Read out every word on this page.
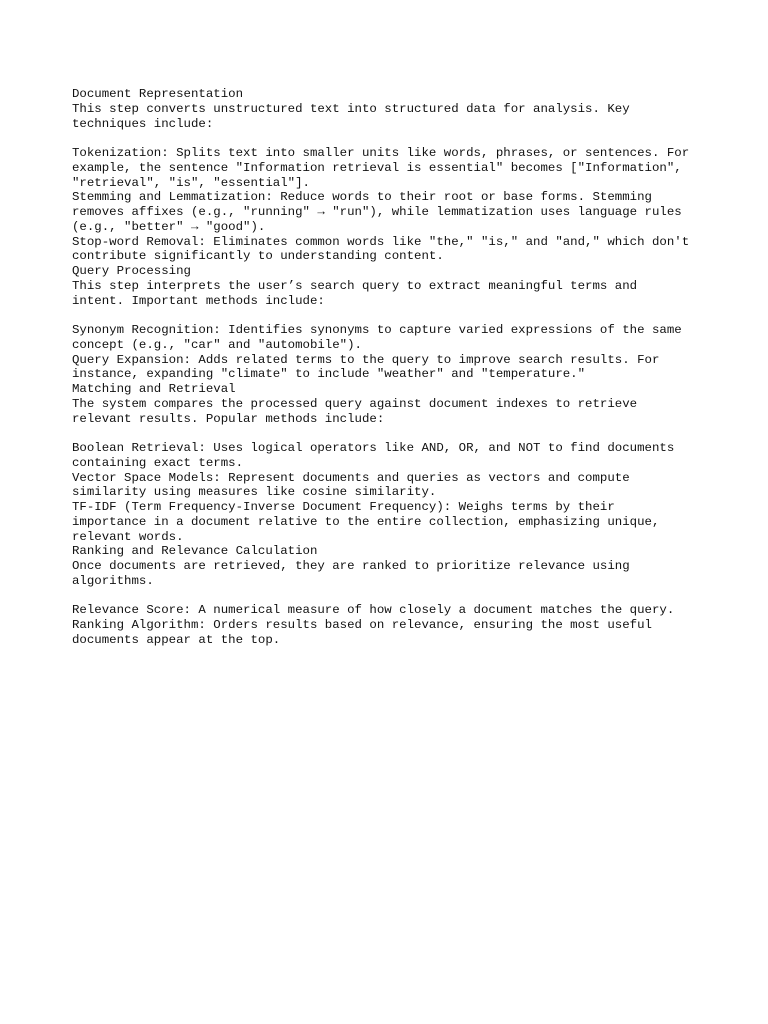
Document Representation
This step converts unstructured text into structured data for analysis. Key
techniques include:
Tokenization: Splits text into smaller units like words, phrases, or sentences. For
example, the sentence "Information retrieval is essential" becomes ["Information",
"retrieval", "is", "essential"].
Stemming and Lemmatization: Reduce words to their root or base forms. Stemming
removes affixes (e.g., "running" → "run"), while lemmatization uses language rules
(e.g., "better" → "good").
Stop-word Removal: Eliminates common words like "the," "is," and "and," which don't
contribute significantly to understanding content.
Query Processing
This step interprets the user’s search query to extract meaningful terms and
intent. Important methods include:
Synonym Recognition: Identifies synonyms to capture varied expressions of the same
concept (e.g., "car" and "automobile").
Query Expansion: Adds related terms to the query to improve search results. For
instance, expanding "climate" to include "weather" and "temperature."
Matching and Retrieval
The system compares the processed query against document indexes to retrieve
relevant results. Popular methods include:
Boolean Retrieval: Uses logical operators like AND, OR, and NOT to find documents
containing exact terms.
Vector Space Models: Represent documents and queries as vectors and compute
similarity using measures like cosine similarity.
TF-IDF (Term Frequency-Inverse Document Frequency): Weighs terms by their
importance in a document relative to the entire collection, emphasizing unique,
relevant words.
Ranking and Relevance Calculation
Once documents are retrieved, they are ranked to prioritize relevance using
algorithms.
Relevance Score: A numerical measure of how closely a document matches the query.
Ranking Algorithm: Orders results based on relevance, ensuring the most useful
documents appear at the top.
